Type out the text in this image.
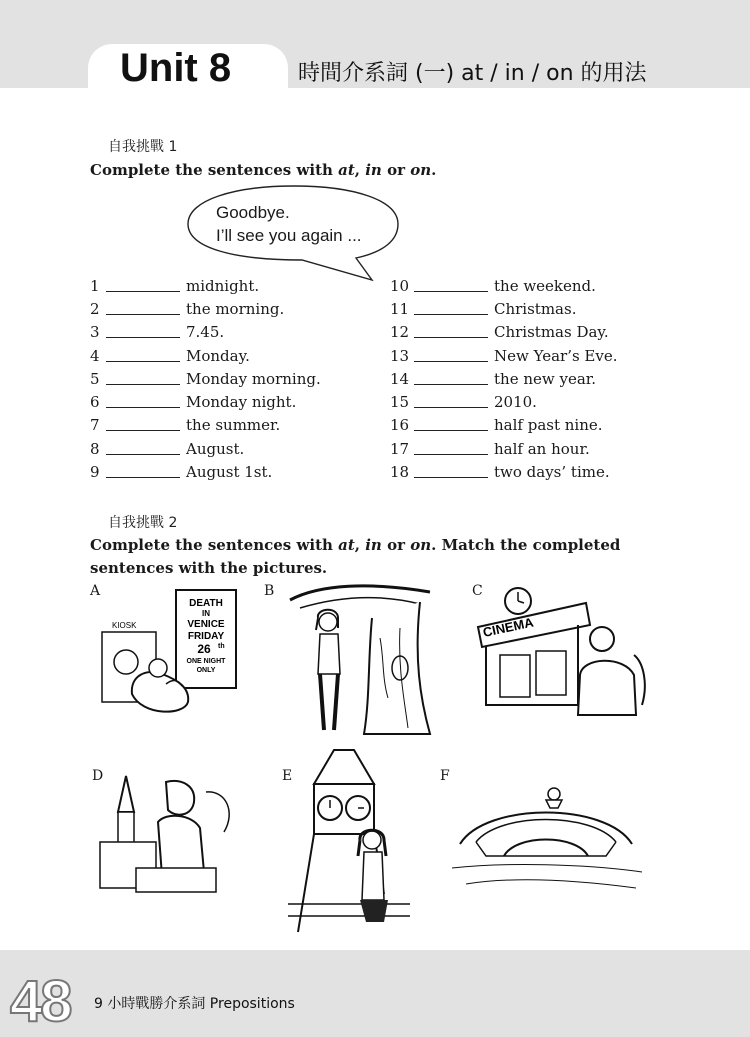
Unit 8	時間介系詞 (一) at / in / on 的用法
自我挑戰 1
Complete the sentences with at, in or on.
Goodbye.
I’ll see you again ...
1	midnight.
2	the morning.
3	7.45.
4	Monday.
5	Monday morning.
6	Monday night.
7	the summer.
8	August.
9	August 1st.
10	the weekend.
11	Christmas.
12	Christmas Day.
13	New Year’s Eve.
14	the new year.
15	2010.
16	half past nine.
17	half an hour.
18	two days’ time.
自我挑戰 2
Complete the sentences with at, in or on. Match the completed sentences with the pictures.
A	B	C
D	E	F
DEATH
IN
VENICE
FRIDAY
26 th
ONE NIGHT
ONLY
KIOSK	CINEMA
48 9 小時戰勝介系詞 Prepositions
